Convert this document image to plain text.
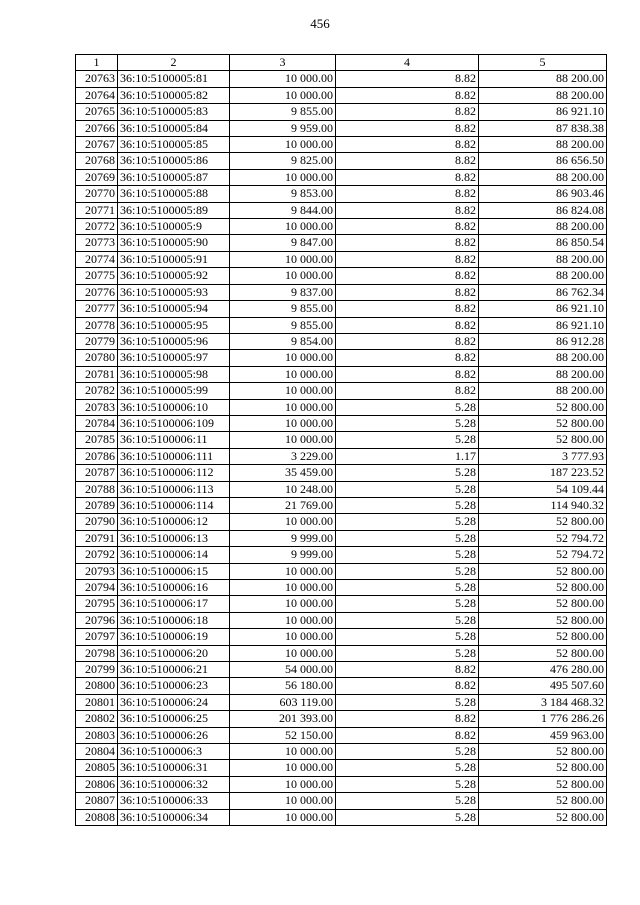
456
1	2	3	4	5
20763	36:10:5100005:81	10 000.00	8.82	88 200.00
20764	36:10:5100005:82	10 000.00	8.82	88 200.00
20765	36:10:5100005:83	9 855.00	8.82	86 921.10
20766	36:10:5100005:84	9 959.00	8.82	87 838.38
20767	36:10:5100005:85	10 000.00	8.82	88 200.00
20768	36:10:5100005:86	9 825.00	8.82	86 656.50
20769	36:10:5100005:87	10 000.00	8.82	88 200.00
20770	36:10:5100005:88	9 853.00	8.82	86 903.46
20771	36:10:5100005:89	9 844.00	8.82	86 824.08
20772	36:10:5100005:9	10 000.00	8.82	88 200.00
20773	36:10:5100005:90	9 847.00	8.82	86 850.54
20774	36:10:5100005:91	10 000.00	8.82	88 200.00
20775	36:10:5100005:92	10 000.00	8.82	88 200.00
20776	36:10:5100005:93	9 837.00	8.82	86 762.34
20777	36:10:5100005:94	9 855.00	8.82	86 921.10
20778	36:10:5100005:95	9 855.00	8.82	86 921.10
20779	36:10:5100005:96	9 854.00	8.82	86 912.28
20780	36:10:5100005:97	10 000.00	8.82	88 200.00
20781	36:10:5100005:98	10 000.00	8.82	88 200.00
20782	36:10:5100005:99	10 000.00	8.82	88 200.00
20783	36:10:5100006:10	10 000.00	5.28	52 800.00
20784	36:10:5100006:109	10 000.00	5.28	52 800.00
20785	36:10:5100006:11	10 000.00	5.28	52 800.00
20786	36:10:5100006:111	3 229.00	1.17	3 777.93
20787	36:10:5100006:112	35 459.00	5.28	187 223.52
20788	36:10:5100006:113	10 248.00	5.28	54 109.44
20789	36:10:5100006:114	21 769.00	5.28	114 940.32
20790	36:10:5100006:12	10 000.00	5.28	52 800.00
20791	36:10:5100006:13	9 999.00	5.28	52 794.72
20792	36:10:5100006:14	9 999.00	5.28	52 794.72
20793	36:10:5100006:15	10 000.00	5.28	52 800.00
20794	36:10:5100006:16	10 000.00	5.28	52 800.00
20795	36:10:5100006:17	10 000.00	5.28	52 800.00
20796	36:10:5100006:18	10 000.00	5.28	52 800.00
20797	36:10:5100006:19	10 000.00	5.28	52 800.00
20798	36:10:5100006:20	10 000.00	5.28	52 800.00
20799	36:10:5100006:21	54 000.00	8.82	476 280.00
20800	36:10:5100006:23	56 180.00	8.82	495 507.60
20801	36:10:5100006:24	603 119.00	5.28	3 184 468.32
20802	36:10:5100006:25	201 393.00	8.82	1 776 286.26
20803	36:10:5100006:26	52 150.00	8.82	459 963.00
20804	36:10:5100006:3	10 000.00	5.28	52 800.00
20805	36:10:5100006:31	10 000.00	5.28	52 800.00
20806	36:10:5100006:32	10 000.00	5.28	52 800.00
20807	36:10:5100006:33	10 000.00	5.28	52 800.00
20808	36:10:5100006:34	10 000.00	5.28	52 800.00
